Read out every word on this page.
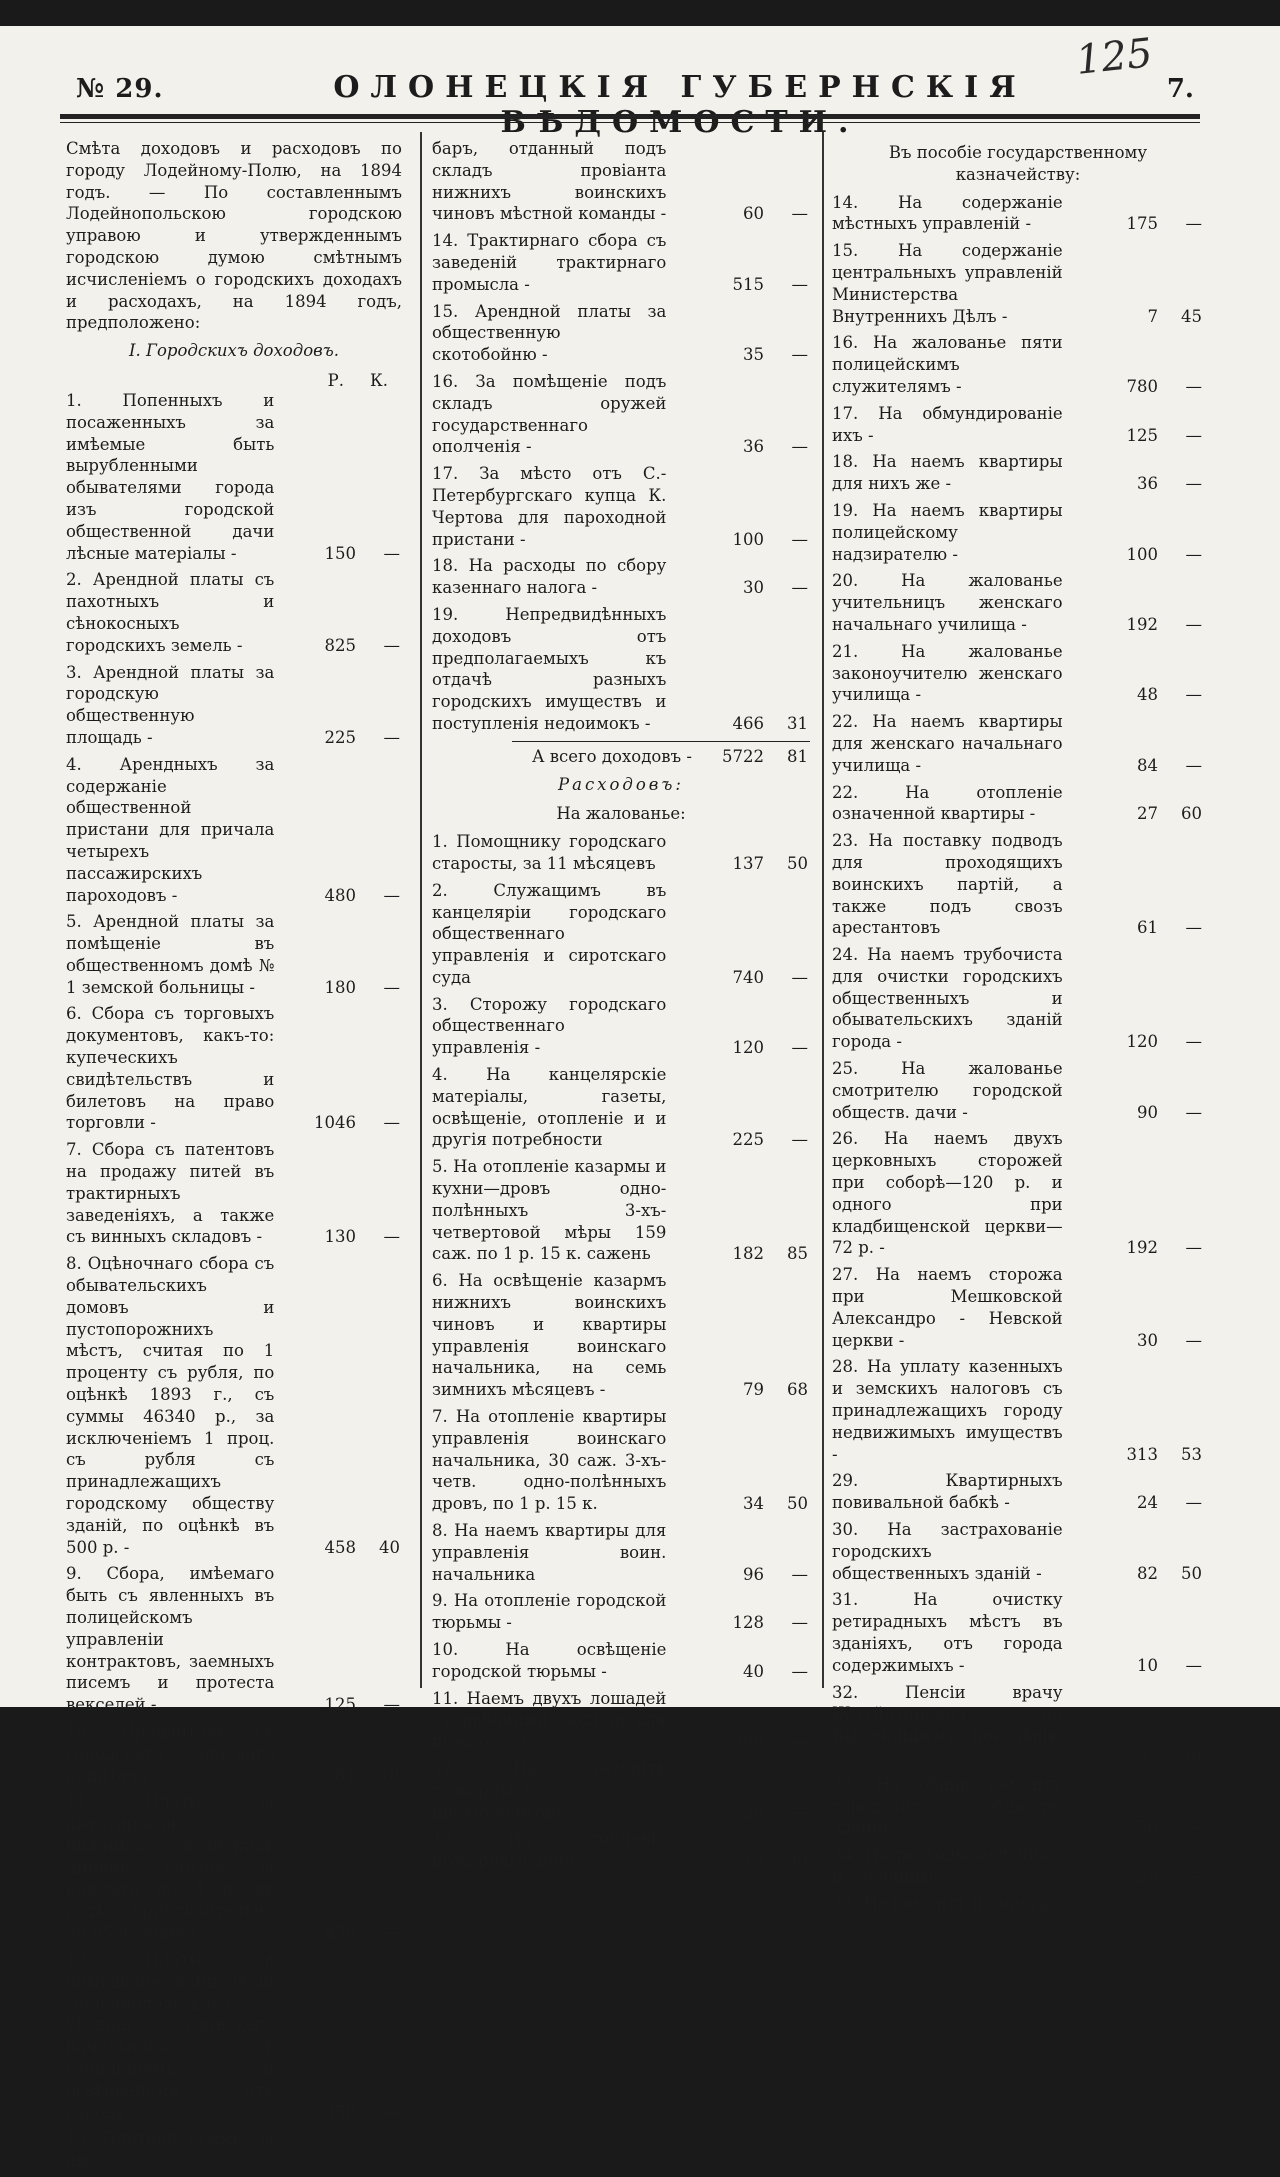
№ 29.	ОЛОНЕЦКІЯ ГУБЕРНСКІЯ ВѢДОМОСТИ.
125
7.

Смѣта доходовъ и расходовъ по городу Лодейному-Полю, на 1894 годъ. — По составленнымъ Лодейнопольскою городскою управою и утвержденнымъ городскою думою смѣтнымъ исчисленіемъ о городскихъ доходахъ и расходахъ, на 1894 годъ, предположено:

I. Городскихъ доходовъ.
Р. К.
1. Попенныхъ и посаженныхъ за имѣемые быть вырубленными обывателями города изъ городской общественной дачи лѣсные матеріалы -	150	—
2. Арендной платы съ пахотныхъ и сѣнокосныхъ городскихъ земель -	825	—
3. Арендной платы за городскую общественную площадь -	225	—
4. Арендныхъ за содержаніе общественной пристани для причала четырехъ пассажирскихъ пароходовъ -	480	—
5. Арендной платы за помѣщеніе въ общественномъ домѣ № 1 земской больницы -	180	—
6. Сбора съ торговыхъ документовъ, какъ-то: купеческихъ свидѣтельствъ и билетовъ на право торговли -	1046	—
7. Сбора съ патентовъ на продажу питей въ трактирныхъ заведеніяхъ, а также съ винныхъ складовъ -	130	—
8. Оцѣночнаго сбора съ обывательскихъ домовъ и пустопорожнихъ мѣстъ, считая по 1 проценту съ рубля, по оцѣнкѣ 1893 г., съ суммы 46340 р., за исключеніемъ 1 проц. съ рубля съ принадлежащихъ городскому обществу зданій, по оцѣнкѣ въ 500 р. -	458	40
9. Сбора, имѣемаго быть съ явленныхъ въ полицейскомъ управленіи контрактовъ, заемныхъ писемъ и протеста векселей -	125	—
10. Процентовъ съ городскаго запаснаго капитала -	61	10
11. Платы за квартированіе нижнихъ воинскихъ чиновъ, считая за каждаго по 5 р. въ годъ, приблизительно до 85 человѣкъ -	450	—
12. Платы за помѣщеніе канцеляріи Лодейнопольскаго уѣзднаго воинскаго начальника, съ отопленіемъ и освѣщеніемъ отъ города -	350	—
13. Платной суммы за ам-
баръ, отданный подъ складъ провіанта нижнихъ воинскихъ чиновъ мѣстной команды -	60	—
14. Трактирнаго сбора съ заведеній трактирнаго промысла -	515	—
15. Арендной платы за общественную скотобойню -	35	—
16. За помѣщеніе подъ складъ оружей государственнаго ополченія -	36	—
17. За мѣсто отъ С.-Петербургскаго купца К. Чертова для пароходной пристани -	100	—
18. На расходы по сбору казеннаго налога -	30	—
19. Непредвидѣнныхъ доходовъ отъ предполагаемыхъ къ отдачѣ разныхъ городскихъ имуществъ и поступленія недоимокъ -	466	31
А всего доходовъ - 5722 81
Расходовъ:
На жалованье:
1. Помощнику городскаго старосты, за 11 мѣсяцевъ	137	50
2. Служащимъ въ канцеляріи городскаго общественнаго управленія и сиротскаго суда	740	—
3. Сторожу городскаго общественнаго управленія -	120	—
4. На канцелярскіе матеріалы, газеты, освѣщеніе, отопленіе и и другія потребности	225	—
5. На отопленіе казармы и кухни—дровъ одно-полѣнныхъ 3-хъ-четвертовой мѣры 159 саж. по 1 р. 15 к. сажень	182	85
6. На освѣщеніе казармъ нижнихъ воинскихъ чиновъ и квартиры управленія воинскаго начальника, на семь зимнихъ мѣсяцевъ -	79	68
7. На отопленіе квартиры управленія воинскаго начальника, 30 саж. 3-хъ-четв. одно-полѣнныхъ дровъ, по 1 р. 15 к.	34	50
8. На наемъ квартиры для управленія воин. начальника	96	—
9. На отопленіе городской тюрьмы -	128	—
10. На освѣщеніе городской тюрьмы -	40	—
11. Наемъ двухъ лошадей съ рабочими людьми для пож. обоза	280	—
12. На ремонтъ пожарныхъ инструментовъ -	20	—
13. На отопленіе пожарнаго депо - - -	13	80
Въ пособіе государственному казначейству:
14. На содержаніе мѣстныхъ управленій -	175	—
15. На содержаніе центральныхъ управленій Министерства Внутреннихъ Дѣлъ -	7	45
16. На жалованье пяти полицейскимъ служителямъ -	780	—
17. На обмундированіе ихъ -	125	—
18. На наемъ квартиры для нихъ же -	36	—
19. На наемъ квартиры полицейскому надзирателю -	100	—
20. На жалованье учительницъ женскаго начальнаго училища -	192	—
21. На жалованье законоучителю женскаго училища -	48	—
22. На наемъ квартиры для женскаго начальнаго училища -	84	—
22. На отопленіе означенной квартиры -	27	60
23. На поставку подводъ для проходящихъ воинскихъ партій, а также подъ свозъ арестантовъ	61	—
24. На наемъ трубочиста для очистки городскихъ общественныхъ и обывательскихъ зданій города -	120	—
25. На жалованье смотрителю городской обществ. дачи -	90	—
26. На наемъ двухъ церковныхъ сторожей при соборѣ—120 р. и одного при кладбищенской церкви—72 р. -	192	—
27. На наемъ сторожа при Мешковской Александро - Невской церкви -	30	—
28. На уплату казенныхъ и земскихъ налоговъ съ принадлежащихъ городу недвижимыхъ имуществъ -	313	53
29. Квартирныхъ повивальной бабкѣ -	24	—
30. На застрахованіе городскихъ общественныхъ зданій -	82	50
31. На очистку ретирадныхъ мѣстъ въ зданіяхъ, отъ города содержимыхъ -	10	—
32. Пенсіи врачу Жмуйдзиновичу, по Высочайшему повелѣнію -	22	30
33. На общій ремонтъ городскихъ обществ. зданій -	50	—
34. На расходы мелочные и случайные -	25	—
35. На ремонтъ и очистку
